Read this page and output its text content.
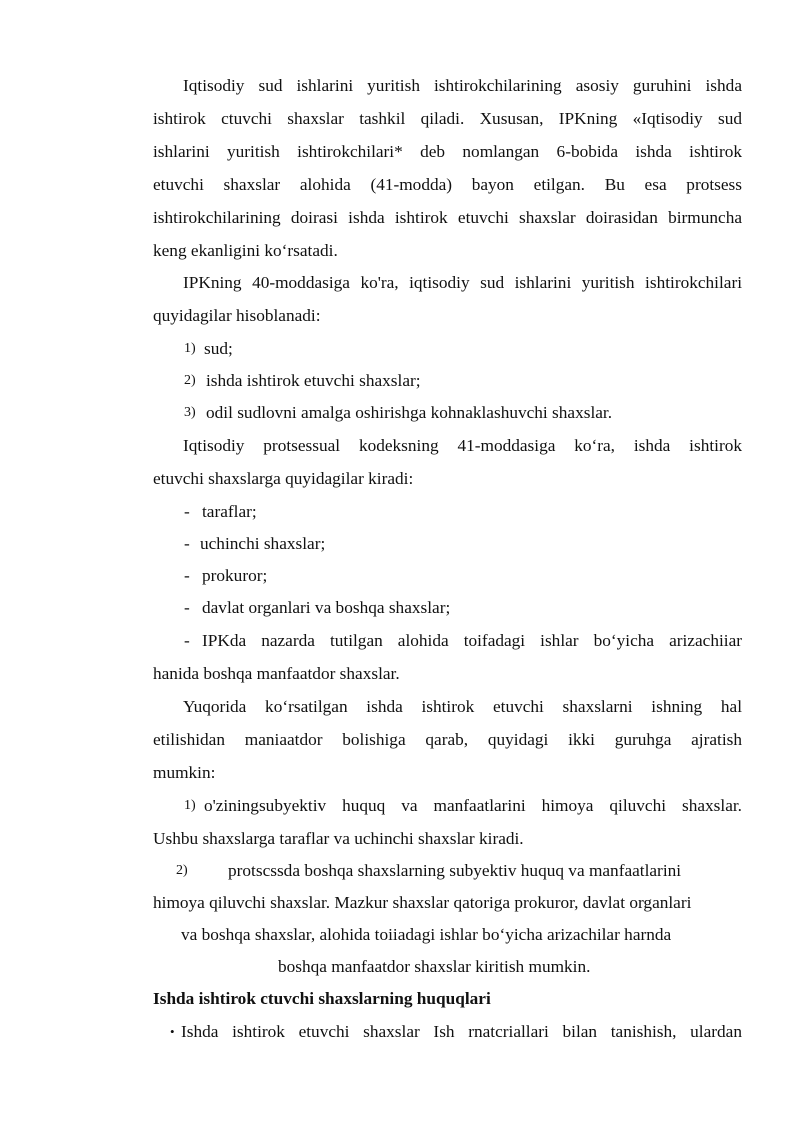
Iqtisodiy sud ishlarini yuritish ishtirokchilarining asosiy guruhini ishda
ishtirok ctuvchi shaxslar tashkil qiladi. Xususan, IPKning «Iqtisodiy sud
ishlarini yuritish ishtirokchilari* deb nomlangan 6-bobida ishda ishtirok
etuvchi shaxslar alohida (41-modda) bayon etilgan. Bu esa protsess
ishtirokchilarining doirasi ishda ishtirok etuvchi shaxslar doirasidan birmuncha
keng ekanligini ko‘rsatadi.
IPKning 40-moddasiga ko'ra, iqtisodiy sud ishlarini yuritish ishtirokchilari
quyidagilar hisoblanadi:
1) sud;
2) ishda ishtirok etuvchi shaxslar;
3) odil sudlovni amalga oshirishga kohnaklashuvchi shaxslar.
Iqtisodiy protsessual kodeksning 41-moddasiga ko‘ra, ishda ishtirok
etuvchi shaxslarga quyidagilar kiradi:
- taraflar;
- uchinchi shaxslar;
- prokuror;
- davlat organlari va boshqa shaxslar;
- IPKda nazarda tutilgan alohida toifadagi ishlar bo‘yicha arizachiiar
hanida boshqa manfaatdor shaxslar.
Yuqorida ko‘rsatilgan ishda ishtirok etuvchi shaxslarni ishning hal
etilishidan maniaatdor bolishiga qarab, quyidagi ikki guruhga ajratish
mumkin:
1) o'ziningsubyektiv huquq va manfaatlarini himoya qiluvchi shaxslar.
Ushbu shaxslarga taraflar va uchinchi shaxslar kiradi.
2) protscssda boshqa shaxslarning subyektiv huquq va manfaatlarini
himoya qiluvchi shaxslar. Mazkur shaxslar qatoriga prokuror, davlat organlari
va boshqa shaxslar, alohida toiiadagi ishlar bo‘yicha arizachilar harnda
boshqa manfaatdor shaxslar kiritish mumkin.
Ishda ishtirok ctuvchi shaxslarning huquqlari
• Ishda ishtirok etuvchi shaxslar Ish rnatcriallari bilan tanishish, ulardan
